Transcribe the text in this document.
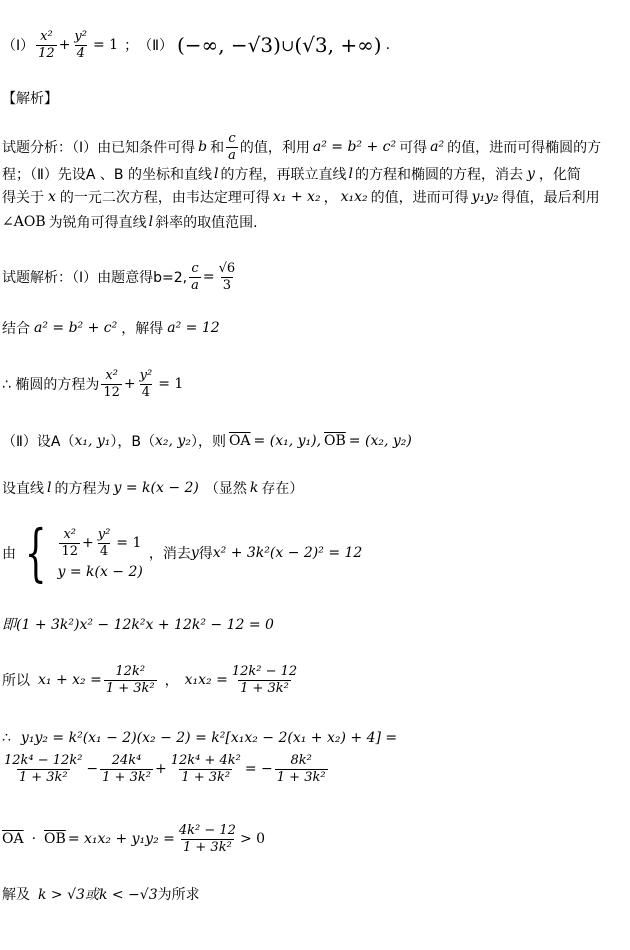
（Ⅰ） $\frac{\text{x²}}{12} + \frac{\text{y²}}{4} = 1$ ； （Ⅱ） (−∞, −√3) ∪ (√3, +∞) .
【解析】
试题分析：（Ⅰ）由已知条件可得 b 和 $\frac{c}{a}$ 的值，利用 a² = b² + c² 可得 a² 的值，进而可得椭圆的方
程；（Ⅱ）先设A 、B 的坐标和直线 l 的方程，再联立直线 l 的方程和椭圆的方程，消去 y ，化简
得关于 x 的一元二次方程，由韦达定理可得 x₁ + x₂ ， x₁x₂ 的值，进而可得 y₁y₂ 得值，最后利用
∠AOB 为锐角可得直线 l 斜率的取值范围.
试题解析：（Ⅰ）由题意得b=2, $\frac{c}{a} = \frac{√6}{3}$
结合 a² = b² + c² ，解得 a² = 12
∴ 椭圆的方程为 $\frac{\text{x²}}{12} + \frac{\text{y²}}{4} = 1$
（Ⅱ）设A（ x₁, y₁ ），B（ x₂, y₂ ），则 $\overline{OA} = (x_1$, y₁), $\overline{OB} = (x_2$, y₂)
设直线 l 的方程为 y = k(x − 2) （显然 k 存在）
由 { $\frac{\text{x²}}{12} + \frac{\text{y²}}{4} = 1$
y = k(x − 2)
，消去 y 得 x² + 3k²(x − 2)² = 12
即(1 + 3k²)x² − 12k²x + 12k² − 12 = 0
所以 $x_1 + x_2 = \frac{\text{12k²}}{\text{1 + 3k²}}$ ， $x_1x_2 = \frac{\text{12k² − 12}}{\text{1 + 3k²}}$
∴ y₁y₂ = k²(x₁ − 2)(x₂ − 2) = k²[x₁x₂ − 2(x₁ + x₂) + 4] =
$\frac{\text{12k⁴ − 12k²}}{\text{1 + 3k²}} - \frac{\text{24k⁴}}{\text{1 + 3k²}} + \frac{\text{12k⁴ + 4k²}}{\text{1 + 3k²}}$ = − $\frac{\text{8k²}}{\text{1 + 3k²}}$
$\overline{OA} \cdot \overline{OB} = x_1x_2 + y_1y_2 = \frac{\text{4k² − 12}}{\text{1 + 3k²}} > 0$
解及 k > √3或k < −√3 为所求
